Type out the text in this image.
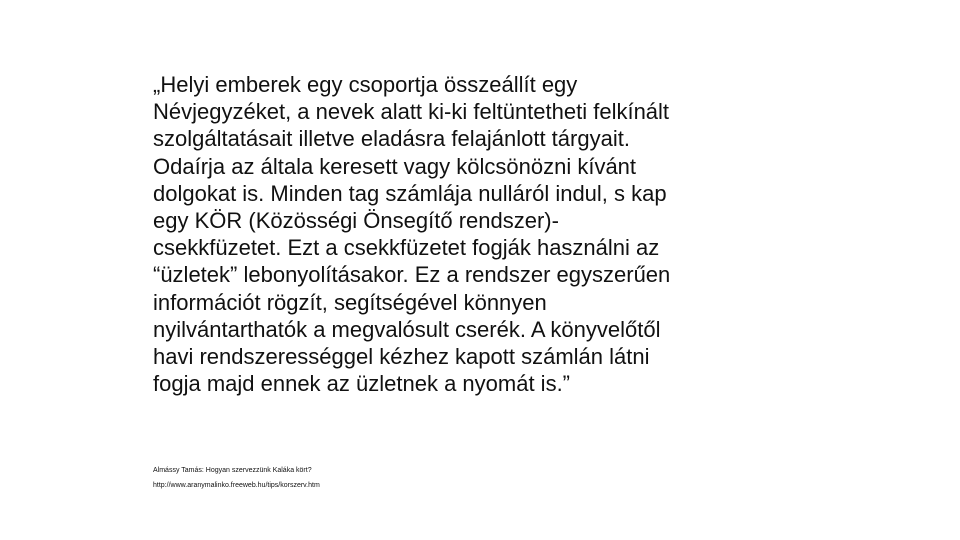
„Helyi emberek egy csoportja összeállít egy
Névjegyzéket, a nevek alatt ki-ki feltüntetheti felkínált
szolgáltatásait illetve eladásra felajánlott tárgyait.
Odaírja az általa keresett vagy kölcsönözni kívánt
dolgokat is. Minden tag számlája nulláról indul, s kap
egy KÖR (Közösségi Önsegítő rendszer)-
csekkfüzetet. Ezt a csekkfüzetet fogják használni az
“üzletek” lebonyolításakor. Ez a rendszer egyszerűen
információt rögzít, segítségével könnyen
nyilvántarthatók a megvalósult cserék. A könyvelőtől
havi rendszerességgel kézhez kapott számlán látni
fogja majd ennek az üzletnek a nyomát is.”
Almássy Tamás: Hogyan szervezzünk Kaláka kört?
http://www.aranymalinko.freeweb.hu/tips/korszerv.htm
